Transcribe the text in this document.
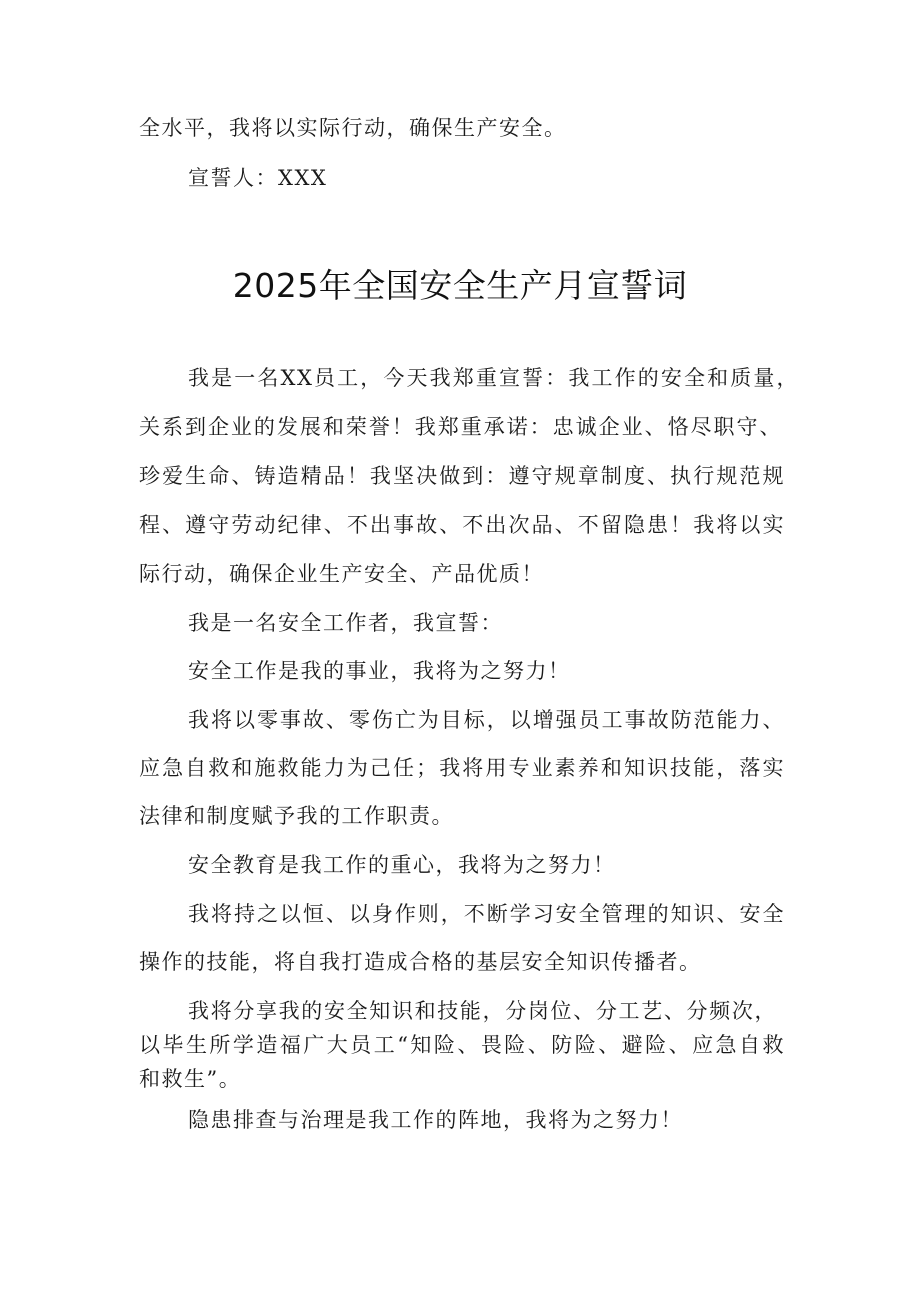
全水平，我将以实际行动，确保生产安全。
宣誓人：XXX
2025年全国安全生产月宣誓词
我是一名XX员工，今天我郑重宣誓：我工作的安全和质量，
关系到企业的发展和荣誉！我郑重承诺：忠诚企业、恪尽职守、
珍爱生命、铸造精品！我坚决做到：遵守规章制度、执行规范规
程、遵守劳动纪律、不出事故、不出次品、不留隐患！我将以实
际行动，确保企业生产安全、产品优质！
我是一名安全工作者，我宣誓：
安全工作是我的事业，我将为之努力！
我将以零事故、零伤亡为目标，以增强员工事故防范能力、
应急自救和施救能力为己任；我将用专业素养和知识技能，落实
法律和制度赋予我的工作职责。
安全教育是我工作的重心，我将为之努力！
我将持之以恒、以身作则，不断学习安全管理的知识、安全
操作的技能，将自我打造成合格的基层安全知识传播者。
我将分享我的安全知识和技能，分岗位、分工艺、分频次，
以毕生所学造福广大员工“知险、畏险、防险、避险、应急自救
和救生”。
隐患排查与治理是我工作的阵地，我将为之努力！
